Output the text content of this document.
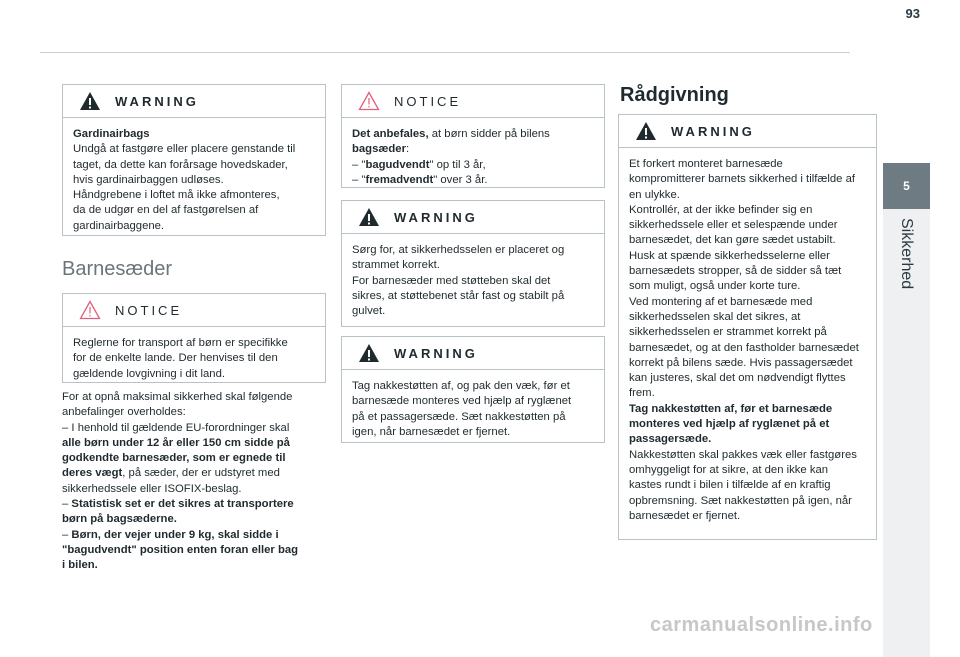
93
5
Sikkerhed
WARNING

Gardinairbags

Undgå at fastgøre eller placere genstande til

taget, da dette kan forårsage hovedskader,

hvis gardinairbaggen udløses.

Håndgrebene i loftet må ikke afmonteres,

da de udgør en del af fastgørelsen af

gardinairbaggene.

Barnesæder
NOTICE

Reglerne for transport af børn er specifikke

for de enkelte lande. Der henvises til den

gældende lovgivning i dit land.

For at opnå maksimal sikkerhed skal følgende
anbefalinger overholdes:
– I henhold til gældende EU-forordninger skal
alle børn under 12 år eller 150 cm sidde på
godkendte barnesæder, som er egnede til
deres vægt, på sæder, der er udstyret med
sikkerhedsselе eller ISOFIX-beslag.
– Statistisk set er det sikres at transportere
børn på bagsæderne.
– Børn, der vejer under 9 kg, skal sidde i
"bagudvendt" position enten foran eller bag
i bilen.
NOTICE

Det anbefales, at børn sidder på bilens

bagsæder:

– "bagudvendt" op til 3 år,

– "fremadvendt" over 3 år.

WARNING

Sørg for, at sikkerhedsselen er placeret og

strammet korrekt.

For barnesæder med støtteben skal det

sikres, at støttebenet står fast og stabilt på

gulvet.

WARNING

Tag nakkestøtten af, og pak den væk, før et

barnesæde monteres ved hjælp af ryglænet

på et passagersæde. Sæt nakkestøtten på

igen, når barnesædet er fjernet.

Rådgivning
WARNING

Et forkert monteret barnesæde

kompromitterer barnets sikkerhed i tilfælde af

en ulykke.

Kontrollér, at der ikke befinder sig en

sikkerhedssele eller et selespænde under

barnesædet, det kan gøre sædet ustabilt.

Husk at spænde sikkerhedsselerne eller

barnesædets stropper, så de sidder så tæt

som muligt, også under korte ture.

Ved montering af et barnesæde med

sikkerhedsselen skal det sikres, at

sikkerhedsselen er strammet korrekt på

barnesædet, og at den fastholder barnesædet

korrekt på bilens sæde. Hvis passagersædet

kan justeres, skal det om nødvendigt flyttes

frem.

Tag nakkestøtten af, før et barnesæde

monteres ved hjælp af ryglænet på et

passagersæde.

Nakkestøtten skal pakkes væk eller fastgøres

omhyggeligt for at sikre, at den ikke kan

kastes rundt i bilen i tilfælde af en kraftig

opbremsning. Sæt nakkestøtten på igen, når

barnesædet er fjernet.

carmanualsonline.info
